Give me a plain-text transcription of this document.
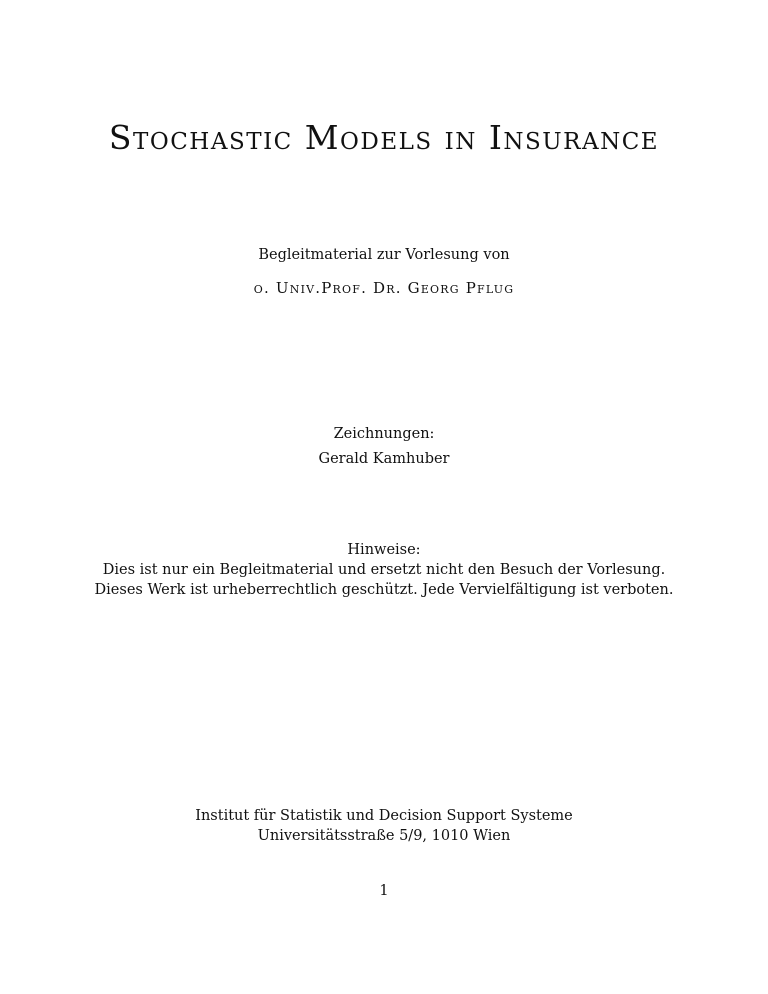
Stochastic Models in Insurance
Begleitmaterial zur Vorlesung von
o. Univ.Prof. Dr. Georg Pflug
Zeichnungen:
Gerald Kamhuber
Hinweise:
Dies ist nur ein Begleitmaterial und ersetzt nicht den Besuch der Vorlesung.
Dieses Werk ist urheberrechtlich geschützt. Jede Vervielfältigung ist verboten.
Institut für Statistik und Decision Support Systeme
Universitätsstraße 5/9, 1010 Wien
1
